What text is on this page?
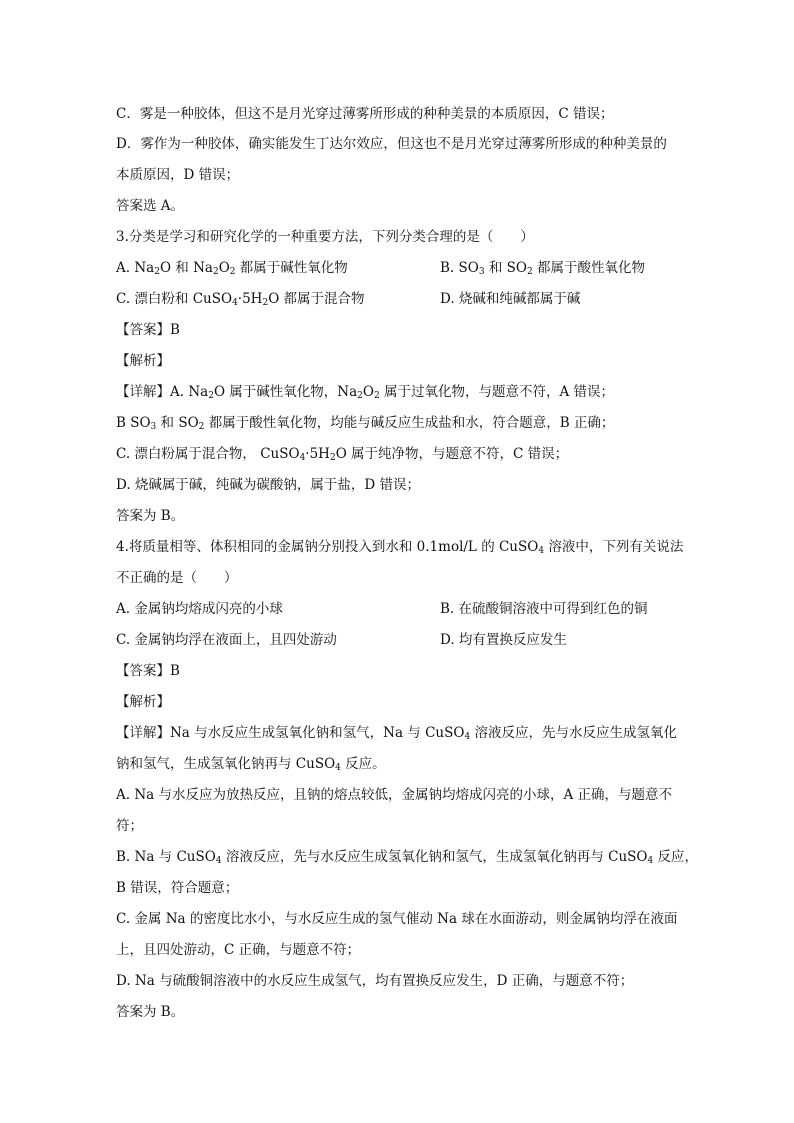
C．雾是一种胶体，但这不是月光穿过薄雾所形成的种种美景的本质原因，C 错误；
D．雾作为一种胶体，确实能发生丁达尔效应，但这也不是月光穿过薄雾所形成的种种美景的
本质原因，D 错误；
答案选 A。
3.分类是学习和研究化学的一种重要方法，下列分类合理的是（　　）
A. $Na_2O$ 和 $Na_2O_2$ 都属于碱性氧化物	B. $SO_3$ 和 $SO_2$ 都属于酸性氧化物
C. 漂白粉和 $CuSO_4\cdot 5H_2O$ 都属于混合物	D. 烧碱和纯碱都属于碱
【答案】B
【解析】
【详解】A. $Na_2O$ 属于碱性氧化物，$Na_2O_2$ 属于过氧化物，与题意不符，A 错误；
B $SO_3$ 和 $SO_2$ 都属于酸性氧化物，均能与碱反应生成盐和水，符合题意，B 正确；
C. 漂白粉属于混合物， $CuSO_4\cdot 5H_2O$ 属于纯净物，与题意不符，C 错误；
D. 烧碱属于碱，纯碱为碳酸钠，属于盐，D 错误；
答案为 B。
4.将质量相等、体积相同的金属钠分别投入到水和 0.1mol/L 的 CuSO$_4$ 溶液中，下列有关说法
不正确的是（　　）
A. 金属钠均熔成闪亮的小球	B. 在硫酸铜溶液中可得到红色的铜
C. 金属钠均浮在液面上，且四处游动	D. 均有置换反应发生
【答案】B
【解析】
【详解】Na 与水反应生成氢氧化钠和氢气，Na 与 CuSO$_4$ 溶液反应，先与水反应生成氢氧化
钠和氢气，生成氢氧化钠再与 CuSO$_4$ 反应。
A. Na 与水反应为放热反应，且钠的熔点较低，金属钠均熔成闪亮的小球，A 正确，与题意不
符；
B. Na 与 CuSO$_4$ 溶液反应，先与水反应生成氢氧化钠和氢气，生成氢氧化钠再与 CuSO$_4$ 反应，
B 错误，符合题意；
C. 金属 Na 的密度比水小，与水反应生成的氢气催动 Na 球在水面游动，则金属钠均浮在液面
上，且四处游动，C 正确，与题意不符；
D. Na 与硫酸铜溶液中的水反应生成氢气，均有置换反应发生，D 正确，与题意不符；
答案为 B。
